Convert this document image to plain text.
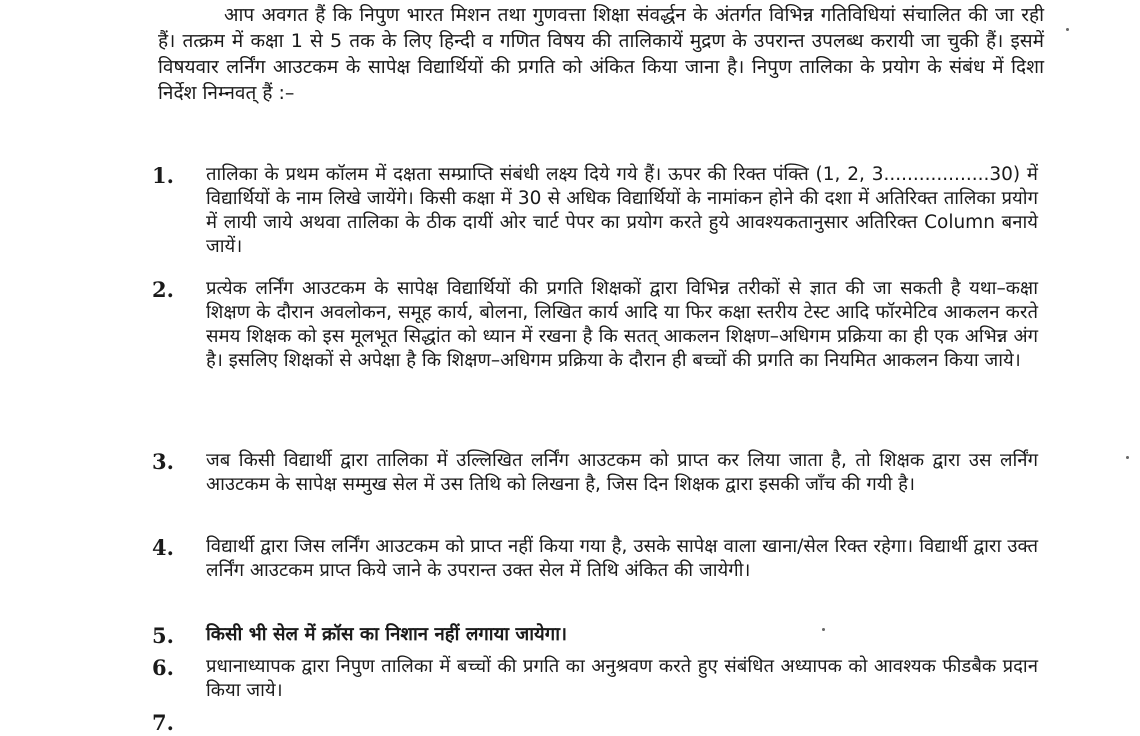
आप अवगत हैं कि निपुण भारत मिशन तथा गुणवत्ता शिक्षा संवर्द्धन के अंतर्गत विभिन्न गतिविधियां संचालित की जा रही हैं। तत्क्रम में कक्षा 1 से 5 तक के लिए हिन्दी व गणित विषय की तालिकायें मुद्रण के उपरान्त उपलब्ध करायी जा चुकी हैं। इसमें विषयवार लर्निंग आउटकम के सापेक्ष विद्यार्थियों की प्रगति को अंकित किया जाना है। निपुण तालिका के प्रयोग के संबंध में दिशा निर्देश निम्नवत् हैं :–

1. तालिका के प्रथम कॉलम में दक्षता सम्प्राप्ति संबंधी लक्ष्य दिये गये हैं। ऊपर की रिक्त पंक्ति (1, 2, 3..................30) में विद्यार्थियों के नाम लिखे जायेंगे। किसी कक्षा में 30 से अधिक विद्यार्थियों के नामांकन होने की दशा में अतिरिक्त तालिका प्रयोग में लायी जाये अथवा तालिका के ठीक दायीं ओर चार्ट पेपर का प्रयोग करते हुये आवश्यकतानुसार अतिरिक्त Column बनाये जायें।

2. प्रत्येक लर्निंग आउटकम के सापेक्ष विद्यार्थियों की प्रगति शिक्षकों द्वारा विभिन्न तरीकों से ज्ञात की जा सकती है यथा–कक्षा शिक्षण के दौरान अवलोकन, समूह कार्य, बोलना, लिखित कार्य आदि या फिर कक्षा स्तरीय टेस्ट आदि फॉरमेटिव आकलन करते समय शिक्षक को इस मूलभूत सिद्धांत को ध्यान में रखना है कि सतत् आकलन शिक्षण–अधिगम प्रक्रिया का ही एक अभिन्न अंग है। इसलिए शिक्षकों से अपेक्षा है कि शिक्षण–अधिगम प्रक्रिया के दौरान ही बच्चों की प्रगति का नियमित आकलन किया जाये।

3. जब किसी विद्यार्थी द्वारा तालिका में उल्लिखित लर्निंग आउटकम को प्राप्त कर लिया जाता है, तो शिक्षक द्वारा उस लर्निंग आउटकम के सापेक्ष सम्मुख सेल में उस तिथि को लिखना है, जिस दिन शिक्षक द्वारा इसकी जाँच की गयी है।

4. विद्यार्थी द्वारा जिस लर्निंग आउटकम को प्राप्त नहीं किया गया है, उसके सापेक्ष वाला खाना/सेल रिक्त रहेगा। विद्यार्थी द्वारा उक्त लर्निंग आउटकम प्राप्त किये जाने के उपरान्त उक्त सेल में तिथि अंकित की जायेगी।

5. किसी भी सेल में क्रॉस का निशान नहीं लगाया जायेगा।

6. प्रधानाध्यापक द्वारा निपुण तालिका में बच्चों की प्रगति का अनुश्रवण करते हुए संबंधित अध्यापक को आवश्यक फीडबैक प्रदान किया जाये।

7.
